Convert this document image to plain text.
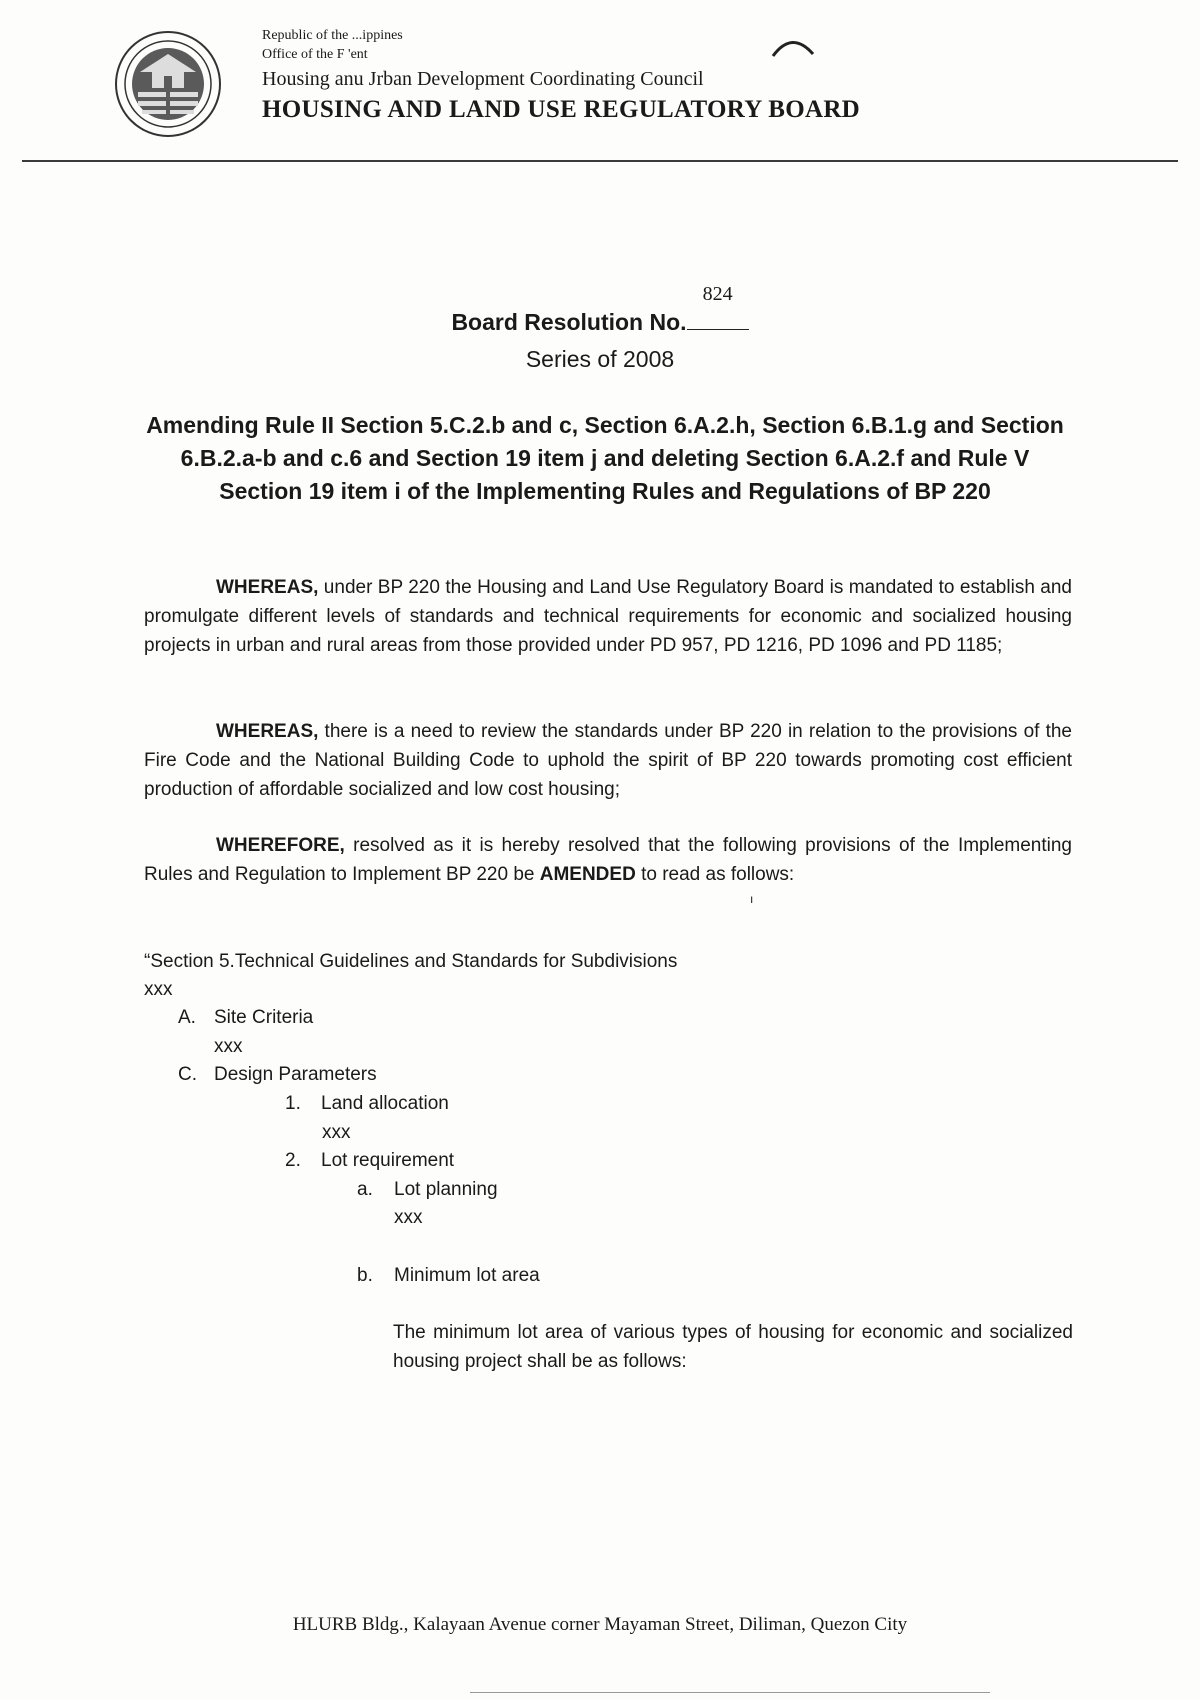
Republic of the ...ippines
Office of the F 'ent
Housing anu Jrban Development Coordinating Council
HOUSING AND LAND USE REGULATORY BOARD
Board Resolution No.
824
Series of 2008
Amending Rule II Section 5.C.2.b and c, Section 6.A.2.h, Section 6.B.1.g and Section 6.B.2.a-b and c.6 and Section 19 item j and deleting Section 6.A.2.f and Rule V Section 19 item i of the Implementing Rules and Regulations of BP 220

WHEREAS, under BP 220 the Housing and Land Use Regulatory Board is mandated to establish and promulgate different levels of standards and technical requirements for economic and socialized housing projects in urban and rural areas from those provided under PD 957, PD 1216, PD 1096 and PD 1185;

WHEREAS, there is a need to review the standards under BP 220 in relation to the provisions of the Fire Code and the National Building Code to uphold the spirit of BP 220 towards promoting cost efficient production of affordable socialized and low cost housing;

WHEREFORE, resolved as it is hereby resolved that the following provisions of the Implementing Rules and Regulation to Implement BP 220 be AMENDED to read as follows:

ı
“Section 5.Technical Guidelines and Standards for Subdivisions
xxx
A. Site Criteria
xxx
C. Design Parameters
1. Land allocation
xxx
2. Lot requirement
a. Lot planning
xxx
b. Minimum lot area

The minimum lot area of various types of housing for economic and socialized housing project shall be as follows:

HLURB Bldg., Kalayaan Avenue corner Mayaman Street, Diliman, Quezon City
